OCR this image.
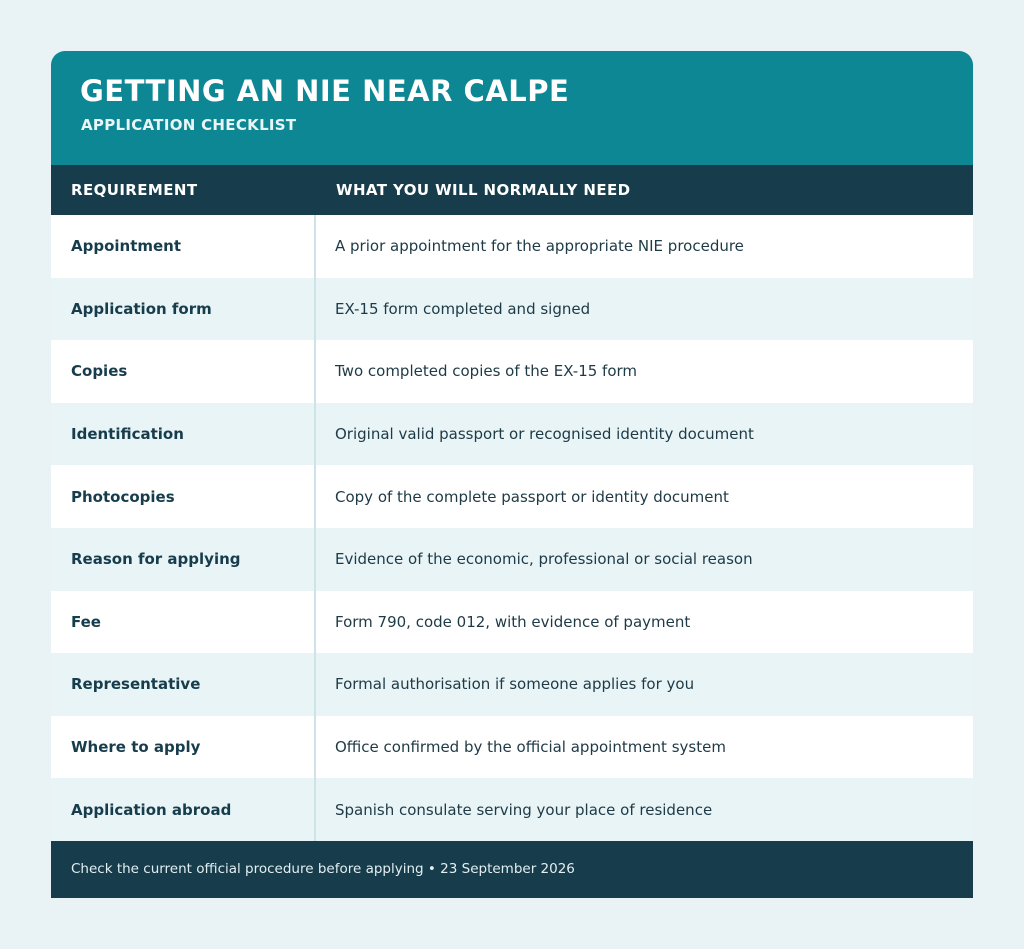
GETTING AN NIE NEAR CALPE
APPLICATION CHECKLIST
REQUIREMENT	WHAT YOU WILL NORMALLY NEED
Appointment	A prior appointment for the appropriate NIE procedure
Application form	EX-15 form completed and signed
Copies	Two completed copies of the EX-15 form
Identification	Original valid passport or recognised identity document
Photocopies	Copy of the complete passport or identity document
Reason for applying	Evidence of the economic, professional or social reason
Fee	Form 790, code 012, with evidence of payment
Representative	Formal authorisation if someone applies for you
Where to apply	Office confirmed by the official appointment system
Application abroad	Spanish consulate serving your place of residence
Check the current official procedure before applying • 23 September 2026
